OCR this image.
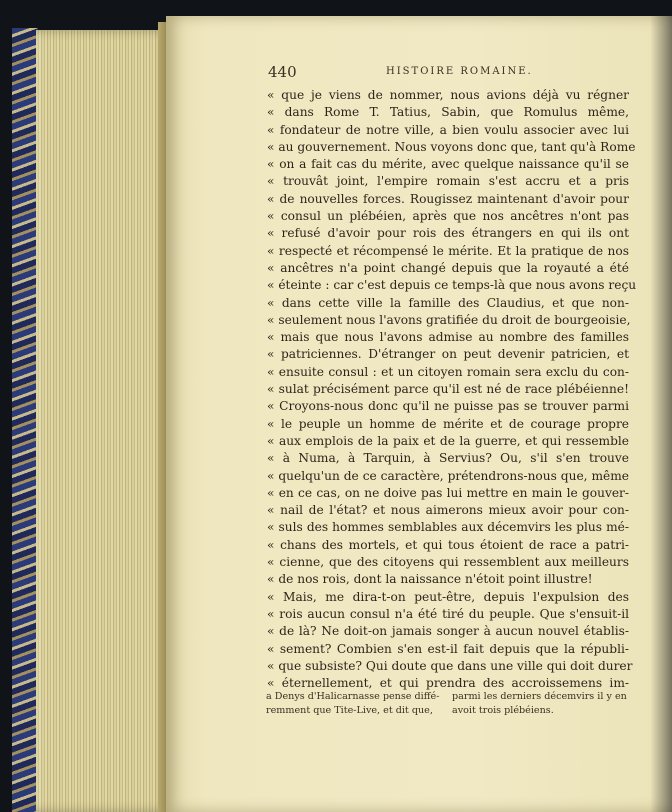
440	HISTOIRE ROMAINE.
« que je viens de nommer, nous avions déjà vu régner
« dans Rome T. Tatius, Sabin, que Romulus même,
« fondateur de notre ville, a bien voulu associer avec lui
« au gouvernement. Nous voyons donc que, tant qu'à Rome
« on a fait cas du mérite, avec quelque naissance qu'il se
« trouvât joint, l'empire romain s'est accru et a pris
« de nouvelles forces. Rougissez maintenant d'avoir pour
« consul un plébéien, après que nos ancêtres n'ont pas
« refusé d'avoir pour rois des étrangers en qui ils ont
« respecté et récompensé le mérite. Et la pratique de nos
« ancêtres n'a point changé depuis que la royauté a été
« éteinte : car c'est depuis ce temps-là que nous avons reçu
« dans cette ville la famille des Claudius, et que non-
« seulement nous l'avons gratifiée du droit de bourgeoisie,
« mais que nous l'avons admise au nombre des familles
« patriciennes. D'étranger on peut devenir patricien, et
« ensuite consul : et un citoyen romain sera exclu du con-
« sulat précisément parce qu'il est né de race plébéienne!
« Croyons-nous donc qu'il ne puisse pas se trouver parmi
« le peuple un homme de mérite et de courage propre
« aux emplois de la paix et de la guerre, et qui ressemble
« à Numa, à Tarquin, à Servius? Ou, s'il s'en trouve
« quelqu'un de ce caractère, prétendrons-nous que, même
« en ce cas, on ne doive pas lui mettre en main le gouver-
« nail de l'état? et nous aimerons mieux avoir pour con-
« suls des hommes semblables aux décemvirs les plus mé-
« chans des mortels, et qui tous étoient de race a patri-
« cienne, que des citoyens qui ressemblent aux meilleurs
« de nos rois, dont la naissance n'étoit point illustre!
« Mais, me dira-t-on peut-être, depuis l'expulsion des
« rois aucun consul n'a été tiré du peuple. Que s'ensuit-il
« de là? Ne doit-on jamais songer à aucun nouvel établis-
« sement? Combien s'en est-il fait depuis que la républi-
« que subsiste? Qui doute que dans une ville qui doit durer
« éternellement, et qui prendra des accroissemens im-
a Denys d'Halicarnasse pense diffé-
remment que Tite-Live, et dit que,
parmi les derniers décemvirs il y en
avoit trois plébéiens.
